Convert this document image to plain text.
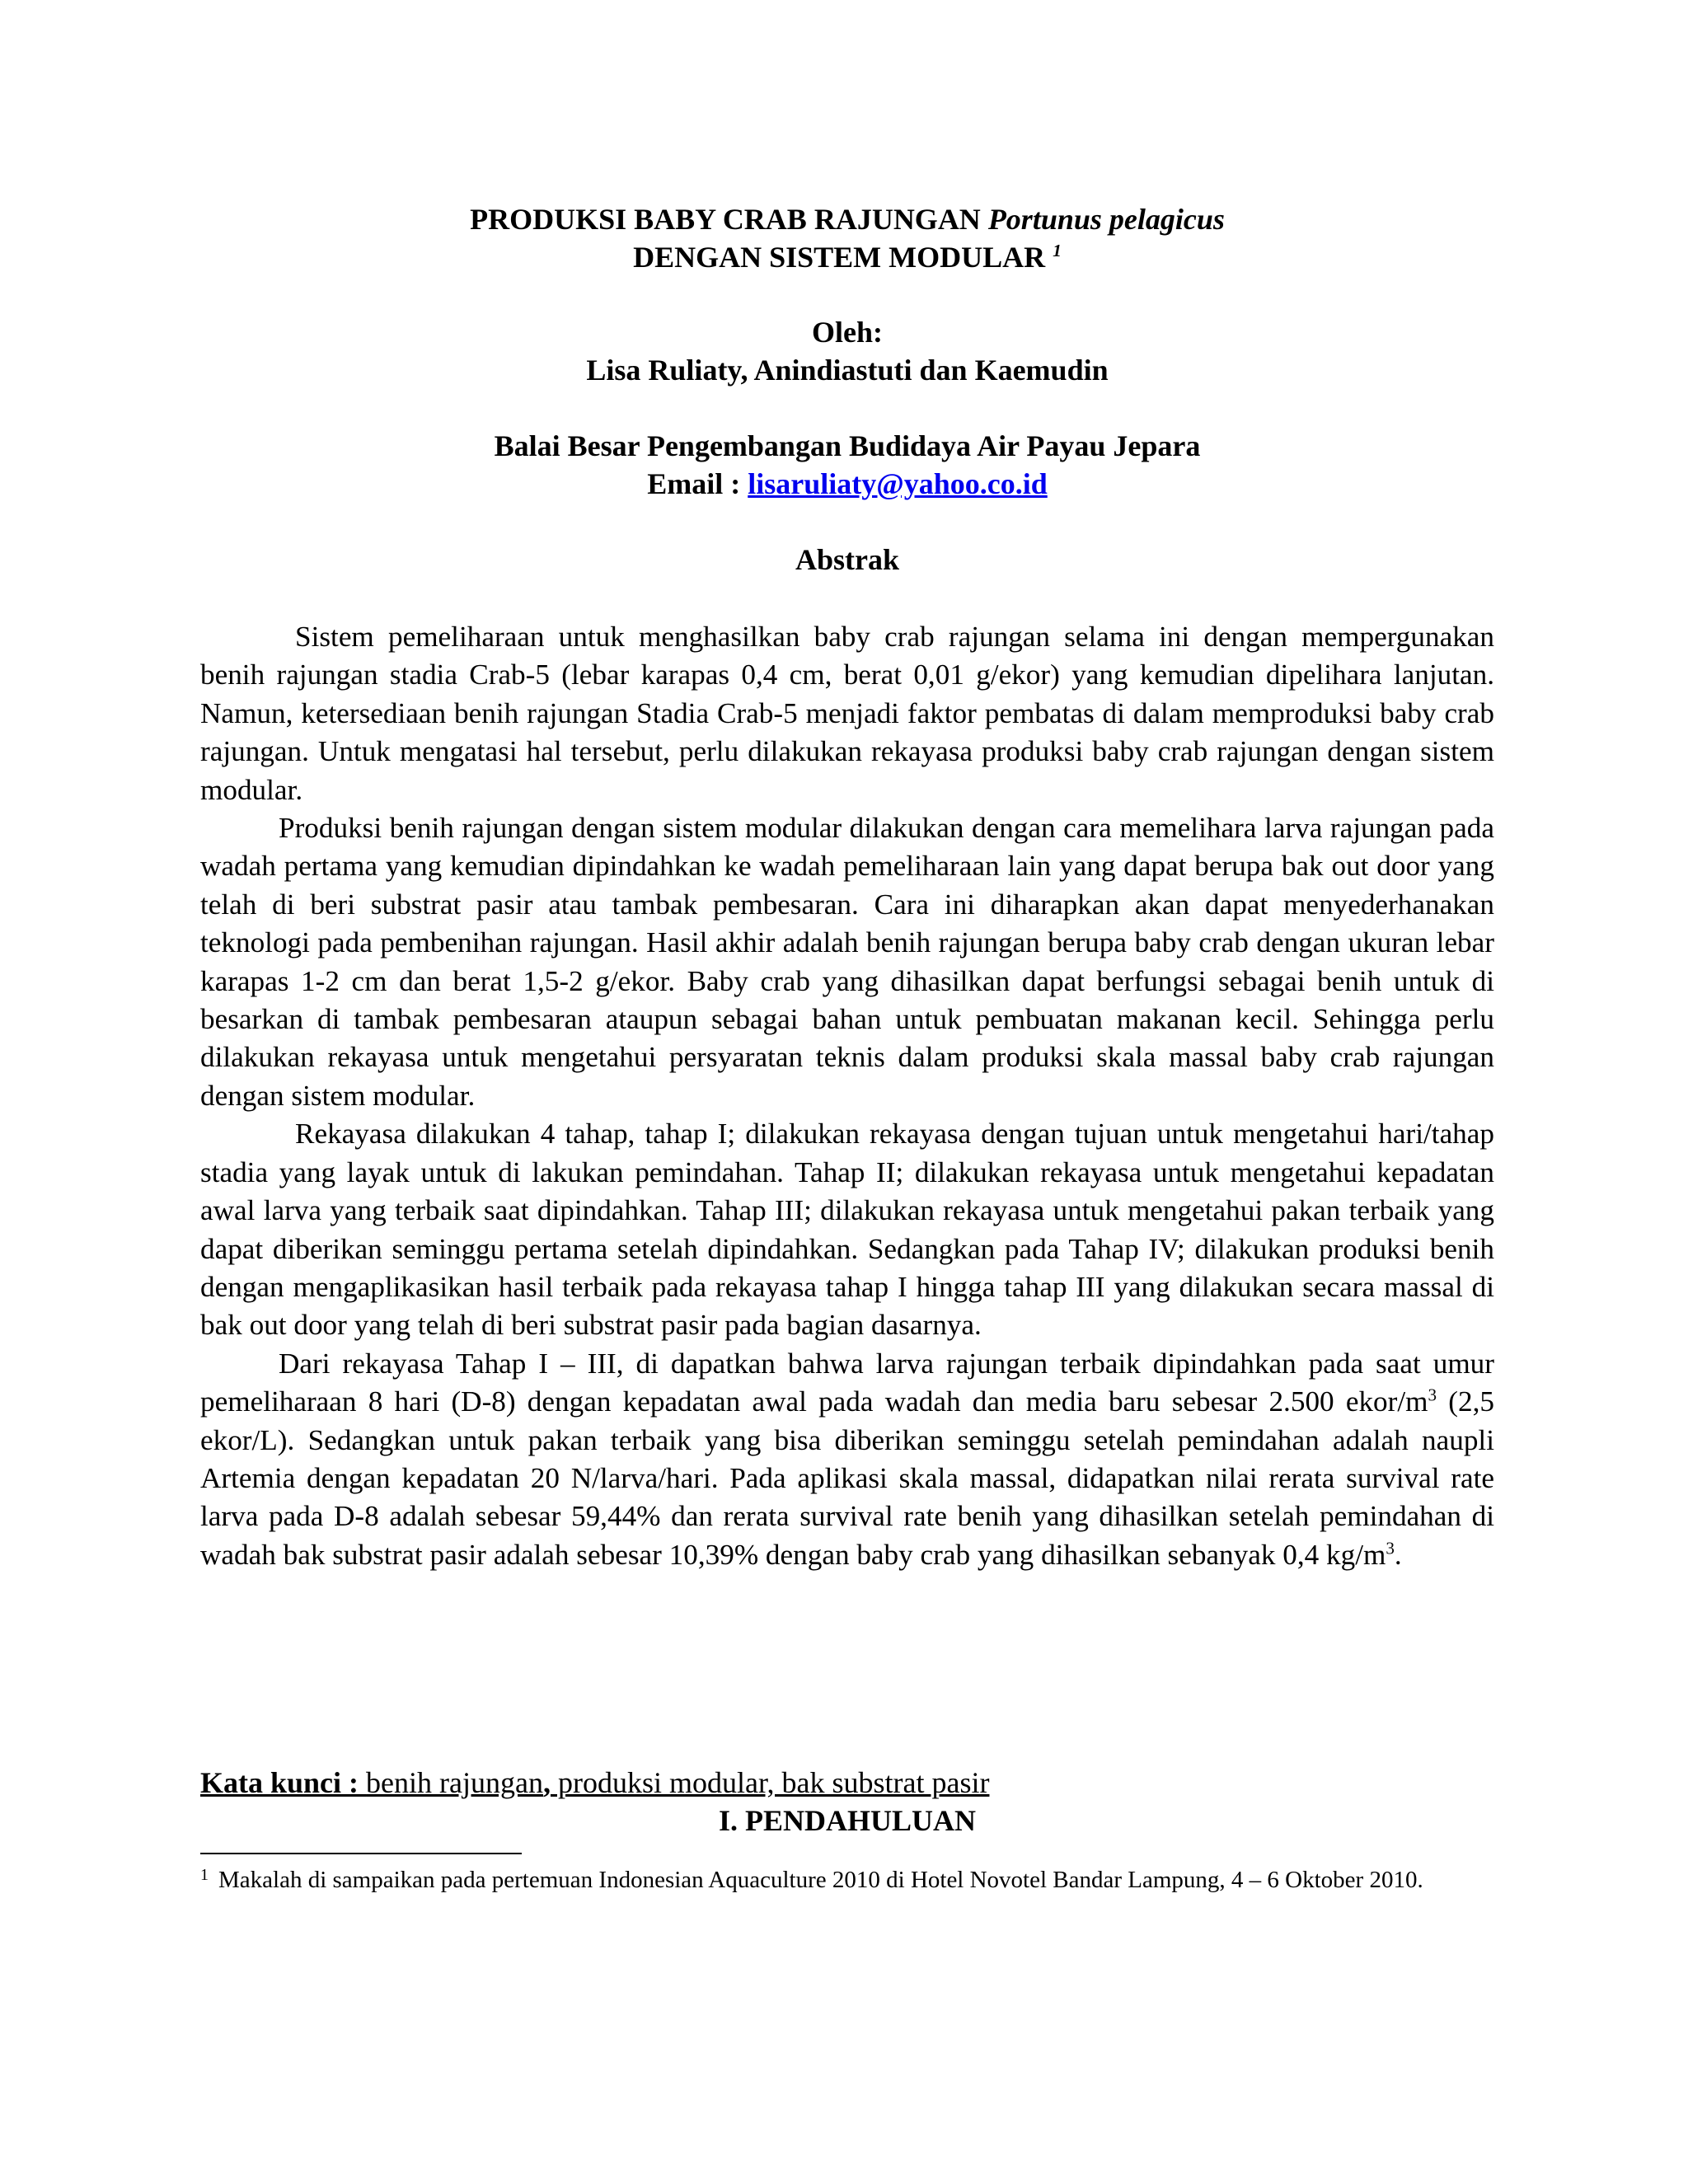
PRODUKSI BABY CRAB RAJUNGAN Portunus pelagicus
DENGAN SISTEM MODULAR $^1$
Oleh:
Lisa Ruliaty, Anindiastuti dan Kaemudin
Balai Besar Pengembangan Budidaya Air Payau Jepara
Email : lisaruliaty@yahoo.co.id
Abstrak

Sistem pemeliharaan untuk menghasilkan baby crab rajungan selama ini dengan mempergunakan benih rajungan stadia Crab-5 (lebar karapas 0,4 cm, berat 0,01 g/ekor) yang kemudian dipelihara lanjutan. Namun, ketersediaan benih rajungan Stadia Crab-5 menjadi faktor pembatas di dalam memproduksi baby crab rajungan. Untuk mengatasi hal tersebut, perlu dilakukan rekayasa produksi baby crab rajungan dengan sistem modular.

Produksi benih rajungan dengan sistem modular dilakukan dengan cara memelihara larva rajungan pada wadah pertama yang kemudian dipindahkan ke wadah pemeliharaan lain yang dapat berupa bak out door yang telah di beri substrat pasir atau tambak pembesaran. Cara ini diharapkan akan dapat menyederhanakan teknologi pada pembenihan rajungan. Hasil akhir adalah benih rajungan berupa baby crab dengan ukuran lebar karapas 1-2 cm dan berat 1,5-2 g/ekor. Baby crab yang dihasilkan dapat berfungsi sebagai benih untuk di besarkan di tambak pembesaran ataupun sebagai bahan untuk pembuatan makanan kecil. Sehingga perlu dilakukan rekayasa untuk mengetahui persyaratan teknis dalam produksi skala massal baby crab rajungan dengan sistem modular.

Rekayasa dilakukan 4 tahap, tahap I; dilakukan rekayasa dengan tujuan untuk mengetahui hari/tahap stadia yang layak untuk di lakukan pemindahan. Tahap II; dilakukan rekayasa untuk mengetahui kepadatan awal larva yang terbaik saat dipindahkan. Tahap III; dilakukan rekayasa untuk mengetahui pakan terbaik yang dapat diberikan seminggu pertama setelah dipindahkan. Sedangkan pada Tahap IV; dilakukan produksi benih dengan mengaplikasikan hasil terbaik pada rekayasa tahap I hingga tahap III yang dilakukan secara massal di bak out door yang telah di beri substrat pasir pada bagian dasarnya.

Dari rekayasa Tahap I – III, di dapatkan bahwa larva rajungan terbaik dipindahkan pada saat umur pemeliharaan 8 hari (D-8) dengan kepadatan awal pada wadah dan media baru sebesar 2.500 ekor/$m^3$ (2,5 ekor/L). Sedangkan untuk pakan terbaik yang bisa diberikan seminggu setelah pemindahan adalah naupli Artemia dengan kepadatan 20 N/larva/hari. Pada aplikasi skala massal, didapatkan nilai rerata survival rate larva pada D-8 adalah sebesar 59,44% dan rerata survival rate benih yang dihasilkan setelah pemindahan di wadah bak substrat pasir adalah sebesar 10,39% dengan baby crab yang dihasilkan sebanyak 0,4 $kg/m^3$.

Kata kunci : benih rajungan, produksi modular, bak substrat pasir
I. PENDAHULUAN
1 Makalah di sampaikan pada pertemuan Indonesian Aquaculture 2010 di Hotel Novotel Bandar Lampung, 4 – 6 Oktober 2010.
